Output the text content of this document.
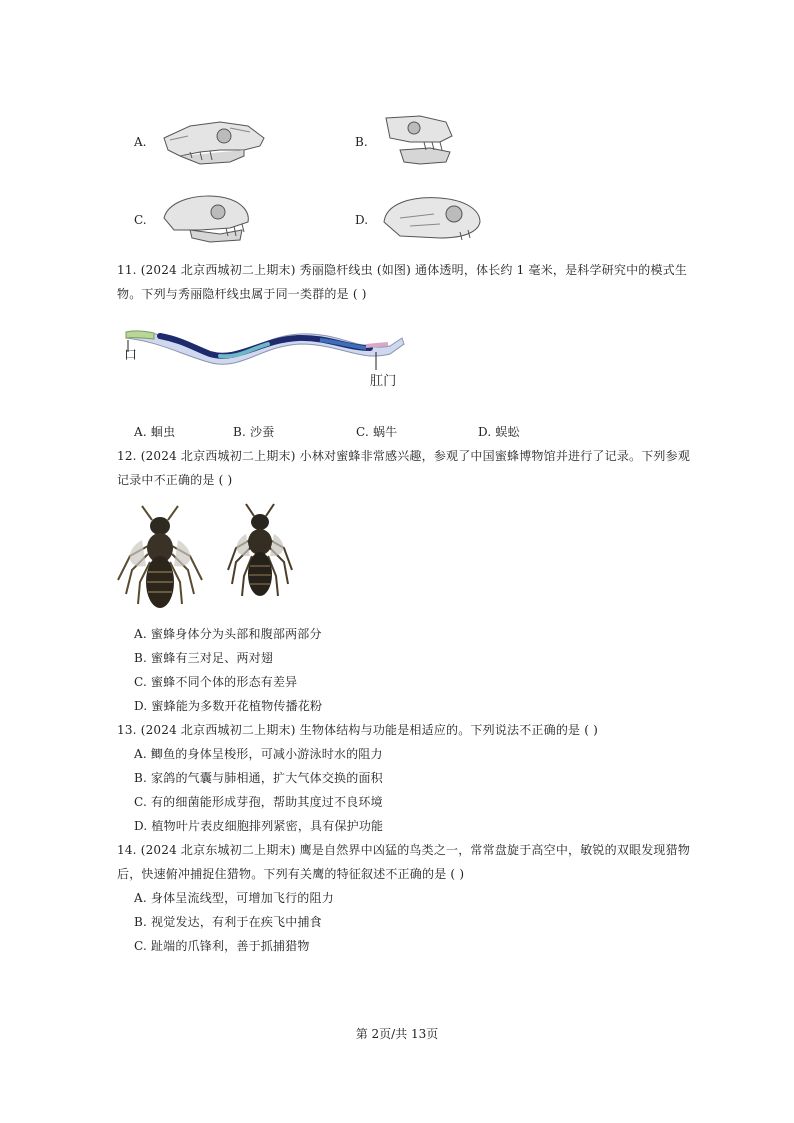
A.	B.
C.	D.
11. (2024 北京西城初二上期末) 秀丽隐杆线虫 (如图) 通体透明，体长约 1 毫米，是科学研究中的模式生
物。下列与秀丽隐杆线虫属于同一类群的是 ( )
口
肛门
A. 蛔虫	B. 沙蚕	C. 蜗牛	D. 蜈蚣
12. (2024 北京西城初二上期末) 小林对蜜蜂非常感兴趣，参观了中国蜜蜂博物馆并进行了记录。下列参观
记录中不正确的是 ( )
A. 蜜蜂身体分为头部和腹部两部分
B. 蜜蜂有三对足、两对翅
C. 蜜蜂不同个体的形态有差异
D. 蜜蜂能为多数开花植物传播花粉
13. (2024 北京西城初二上期末) 生物体结构与功能是相适应的。下列说法不正确的是 ( )
A. 鲫鱼的身体呈梭形，可减小游泳时水的阻力
B. 家鸽的气囊与肺相通，扩大气体交换的面积
C. 有的细菌能形成芽孢，帮助其度过不良环境
D. 植物叶片表皮细胞排列紧密，具有保护功能
14. (2024 北京东城初二上期末) 鹰是自然界中凶猛的鸟类之一，常常盘旋于高空中，敏锐的双眼发现猎物
后，快速俯冲捕捉住猎物。下列有关鹰的特征叙述不正确的是 ( )
A. 身体呈流线型，可增加飞行的阻力
B. 视觉发达，有利于在疾飞中捕食
C. 趾端的爪锋利，善于抓捕猎物
第 2页/共 13页
